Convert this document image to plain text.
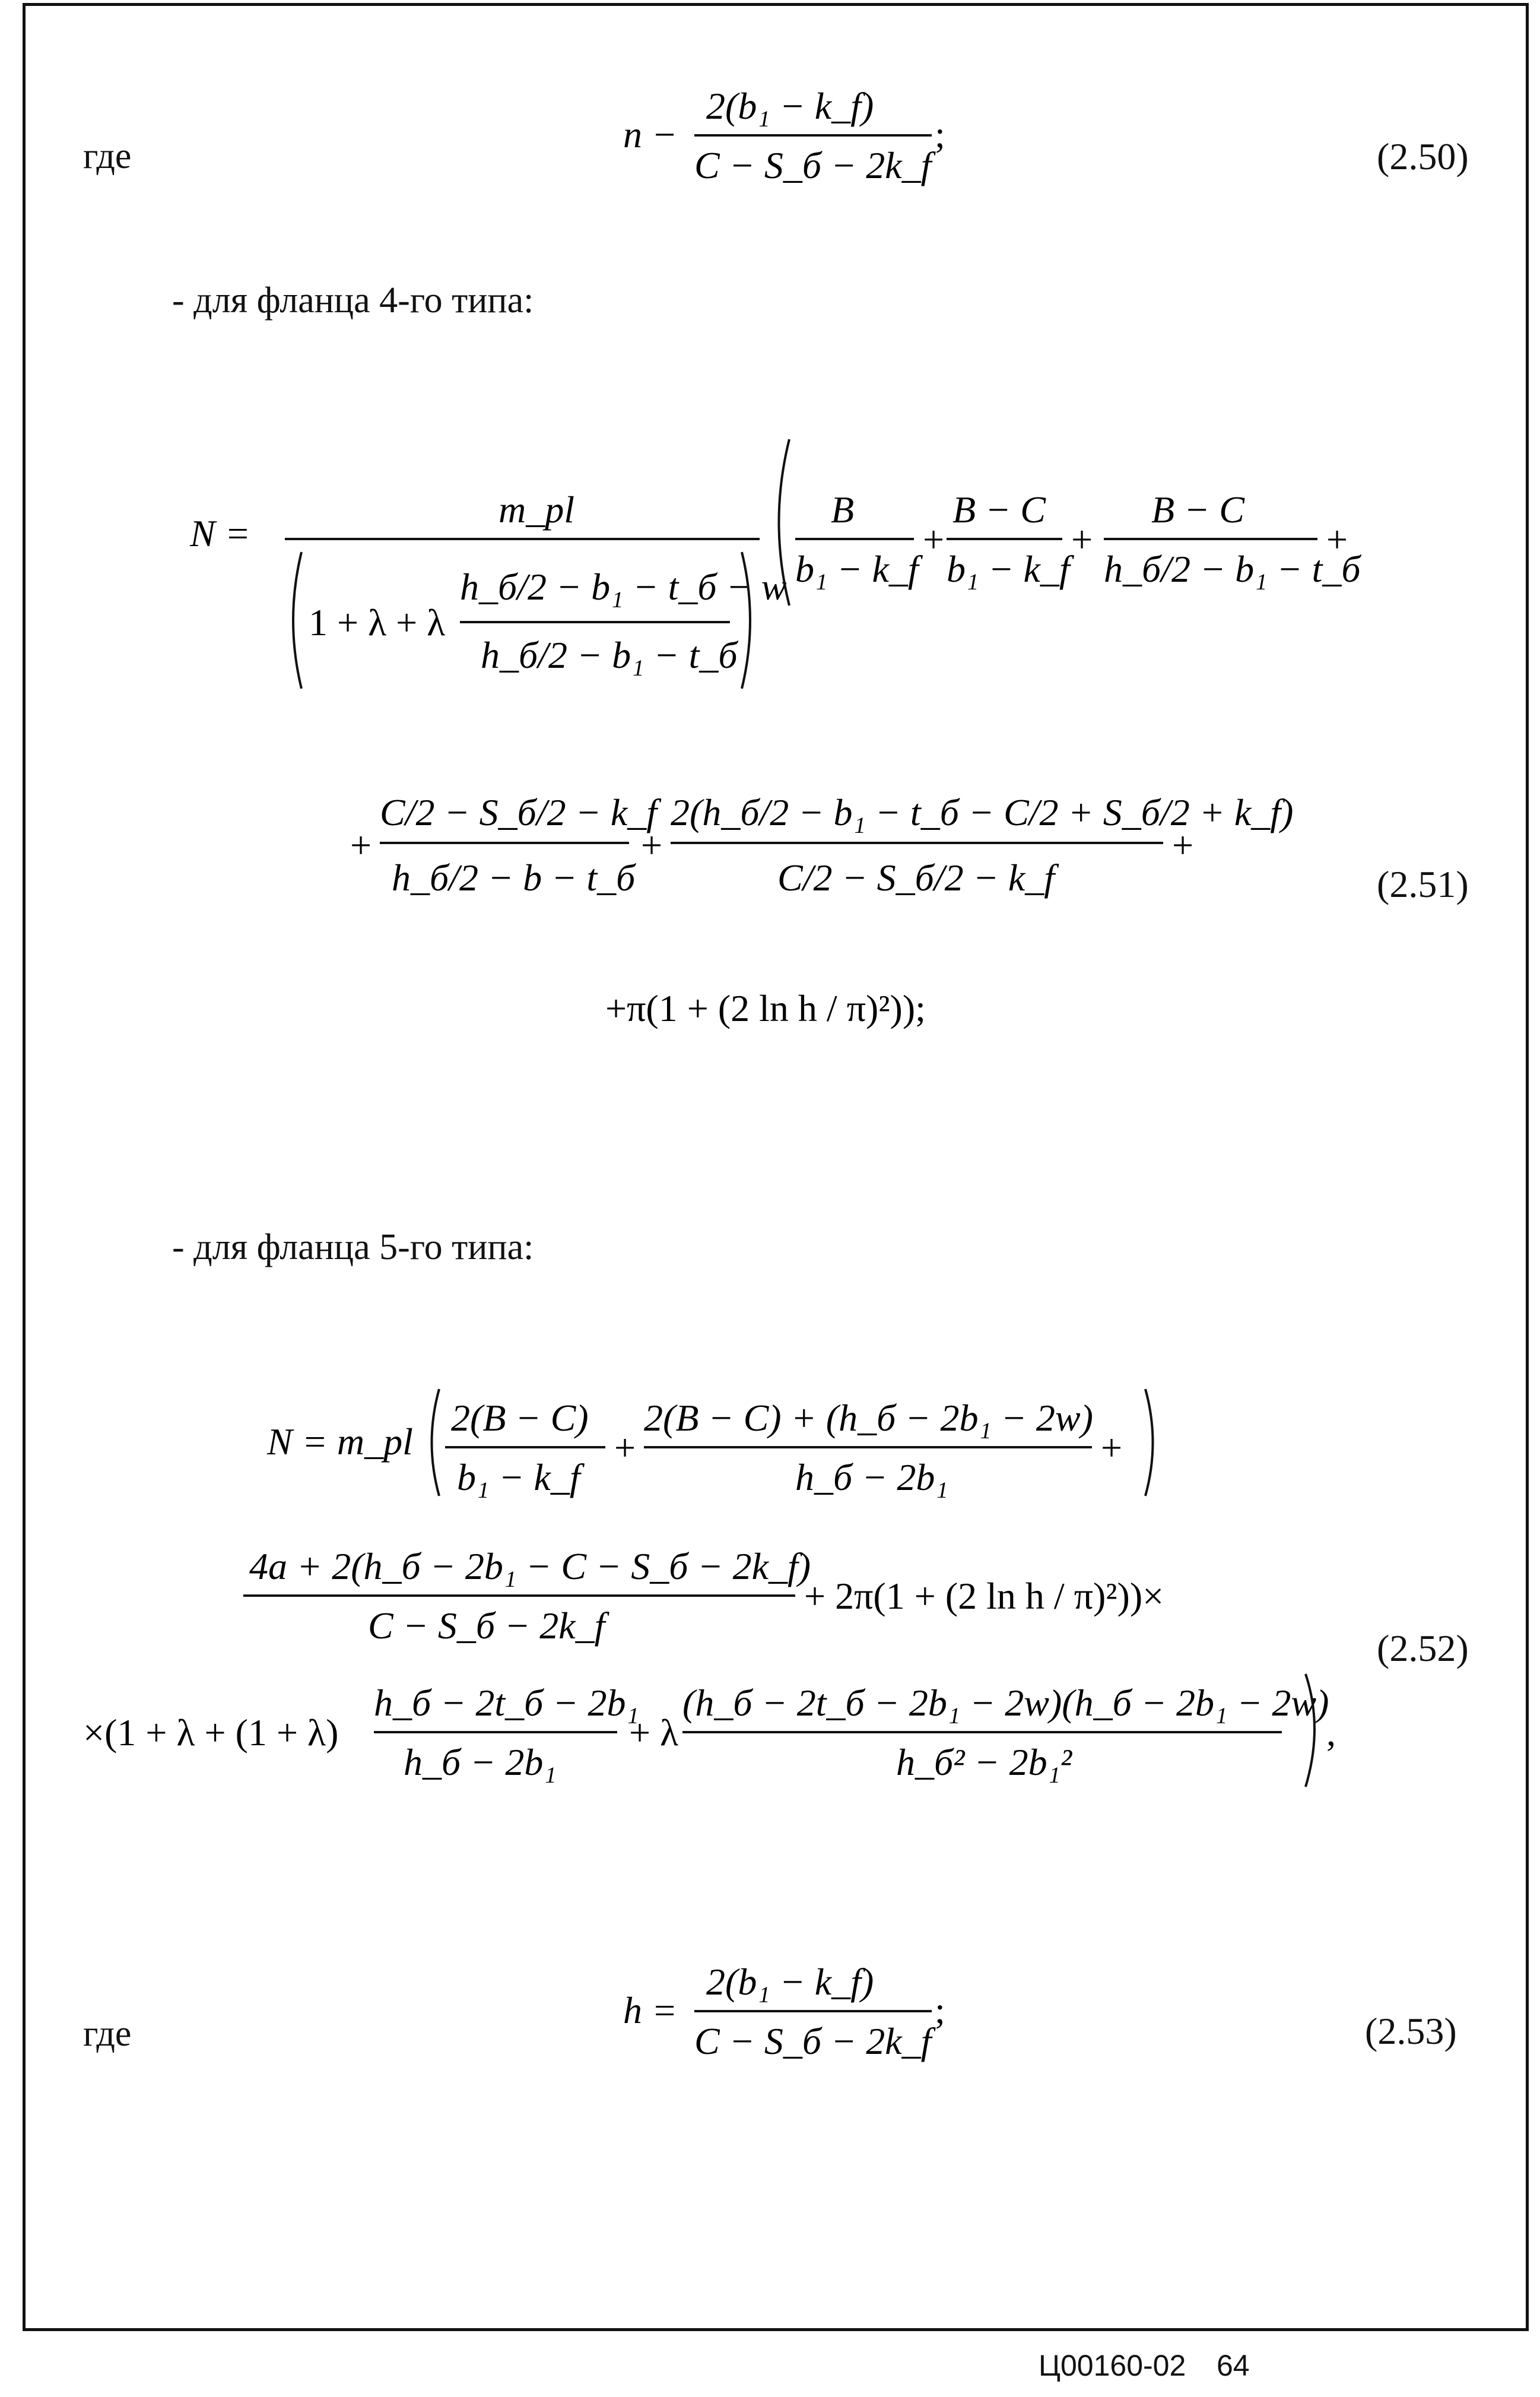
где
n −
2(b₁ − k_f)
C − S_б − 2k_f
;
(2.50)
- для фланца 4-го типа:
N =
m_pl
1 + λ + λ
h_б/2 − b₁ − t_б − w
h_б/2 − b₁ − t_б
B
b₁ − k_f
+
B − C
b₁ − k_f
+
B − C
h_б/2 − b₁ − t_б
+
+
C/2 − S_б/2 − k_f
h_б/2 − b − t_б
+
2(h_б/2 − b₁ − t_б − C/2 + S_б/2 + k_f)
C/2 − S_б/2 − k_f
+
+π(1 + (2 ln h / π)²));
(2.51)
- для фланца 5-го типа:
N = m_pl
2(B − C)
b₁ − k_f
+
2(B − C) + (h_б − 2b₁ − 2w)
h_б − 2b₁
+
4a + 2(h_б − 2b₁ − C − S_б − 2k_f)
C − S_б − 2k_f
+ 2π(1 + (2 ln h / π)²))×
×(1 + λ + (1 + λ)
h_б − 2t_б − 2b₁
h_б − 2b₁
+ λ
(h_б − 2t_б − 2b₁ − 2w)(h_б − 2b₁ − 2w)
h_б² − 2b₁²
,
(2.52)
где
h =
2(b₁ − k_f)
C − S_б − 2k_f
;	(2.53)
Ц00160-02 64
